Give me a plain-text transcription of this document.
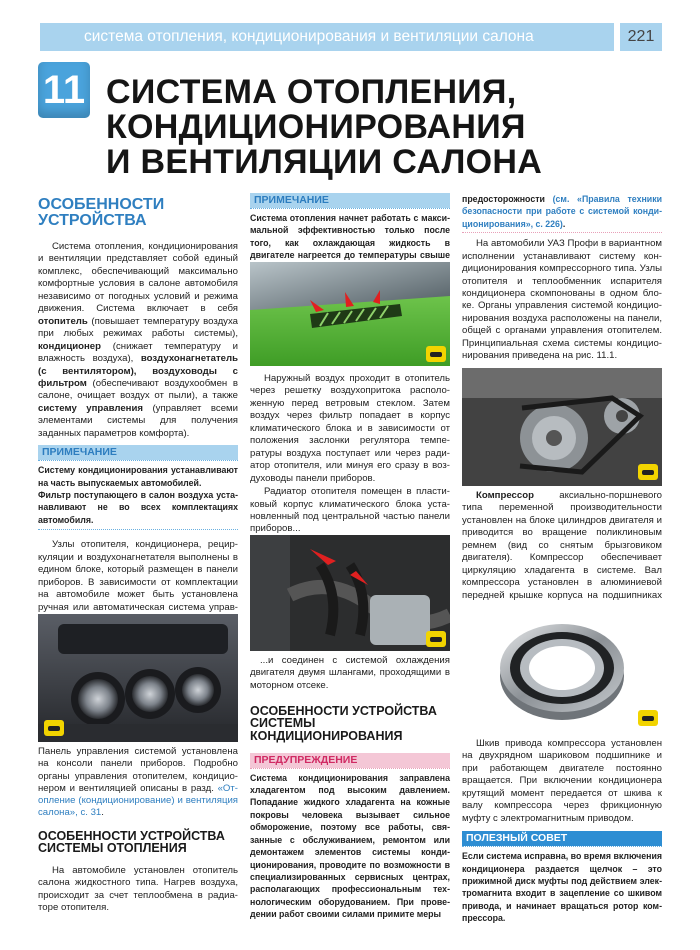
система отопления, кондиционирования и вентиляции салона	221
11 СИСТЕМА ОТОПЛЕНИЯ,
КОНДИЦИОНИРОВАНИЯ
И ВЕНТИЛЯЦИИ САЛОНА
ОСОБЕННОСТИ
УСТРОЙСТВА

Система отопления, кондиционирования и вентиляции представляет собой единый комплекс, обеспечивающий максимально комфортные условия в салоне автомобиля независимо от погодных условий и режима движения. Система включает в себя отопитель (повышает температуру воздуха при любых режимах работы системы), кондиционер (снижает температуру и влажность воздуха), воздухонагнетатель (с вентилятором), воздуховоды с фильтром (обеспечивают воздухообмен в салоне, очищает воздух от пыли), а также систему управления (управляет всеми элементами системы для получения заданных параметров комфорта).

ПРИМЕЧАНИЕ
Систему кондиционирования устанавливают на часть выпускаемых автомобилей.
Фильтр поступающего в салон воздуха устанавливают не во всех комплектациях автомобиля.

Узлы отопителя, кондиционера, рециркуляции и воздухонагнетателя выполнены в едином блоке, который размещен в панели приборов. В зависимости от комплектации на автомобиле может быть установлена ручная или автоматическая система управ

Панель управления системой установлена на консоли панели приборов. Подробно органы управления отопителем, кондиционером и вентиляцией описаны в разд. «Отопление (кондиционирование) и вентиляция салона», с. 31.

ОСОБЕННОСТИ УСТРОЙСТВА
СИСТЕМЫ ОТОПЛЕНИЯ

На автомобиле установлен отопитель салона жидкостного типа. Нагрев воздуха, происходит за счет теплообмена в радиаторе отопителя.

ПРИМЕЧАНИЕ
Система отопления начнет работать с максимальной эффективностью только после того, как охлаждающая жидкость в двигателе нагреется до температуры свыше

Наружный воздух проходит в отопитель через решетку воздухопритока расположенную перед ветровым стеклом. Затем воздух через фильтр попадает в корпус климатического блока и в зависимости от положения заслонки регулятора температуры воздуха поступает или через радиатор отопителя, или минуя его сразу в воздуховоды панели приборов.

Радиатор отопителя помещен в пластиковый корпус климатического блока установленный под центральной частью панели приборов...

...и соединен с системой охлаждения двигателя двумя шлангами, проходящими в моторном отсеке.

ОСОБЕННОСТИ УСТРОЙСТВА
СИСТЕМЫ
КОНДИЦИОНИРОВАНИЯ
ПРЕДУПРЕЖДЕНИЕ
Система кондиционирования заправлена хладагентом под высоким давлением. Попадание жидкого хладагента на кожные покровы человека вызывает сильное обморожение, поэтому все работы, связанные с обслуживанием, ремонтом или демонтажем элементов системы кондиционирования, проводите по возможности в специализированных сервисных центрах, располагающих профессиональным технологическим оборудованием. При проведении работ своими силами примите меры

предосторожности (см. «Правила техники безопасности при работе с системой кондиционирования», с. 226).

На автомобили УАЗ Профи в вариантном исполнении устанавливают систему кондиционирования компрессорного типа. Узлы отопителя и теплообменник испарителя кондиционера скомпонованы в одном блоке. Органы управления системой кондиционирования воздуха расположены на панели, общей с органами управления отопителем. Принципиальная схема системы кондиционирования приведена на рис. 11.1.

Компрессор	аксиально-поршневого типа переменной производительности установлен на блоке цилиндров двигателя и приводится во вращение поликлиновым ремнем (вид со снятым брызговиком двигателя). Компрессор обеспечивает циркуляцию хладагента в системе. Вал компрессора установлен в алюминиевой передней крышке корпуса на подшипниках

Шкив привода компрессора установлен на двухрядном шариковом подшипнике и при работающем двигателе постоянно вращается. При включении кондиционера крутящий момент передается от шкива к валу компрессора через фрикционную муфту с электромагнитным приводом.

ПОЛЕЗНЫЙ СОВЕТ
Если система исправна, во время включения кондиционера раздается щелчок – это прижимной диск муфты под действием электромагнита входит в зацепление со шкивом привода, и начинает вращаться ротор компрессора.
